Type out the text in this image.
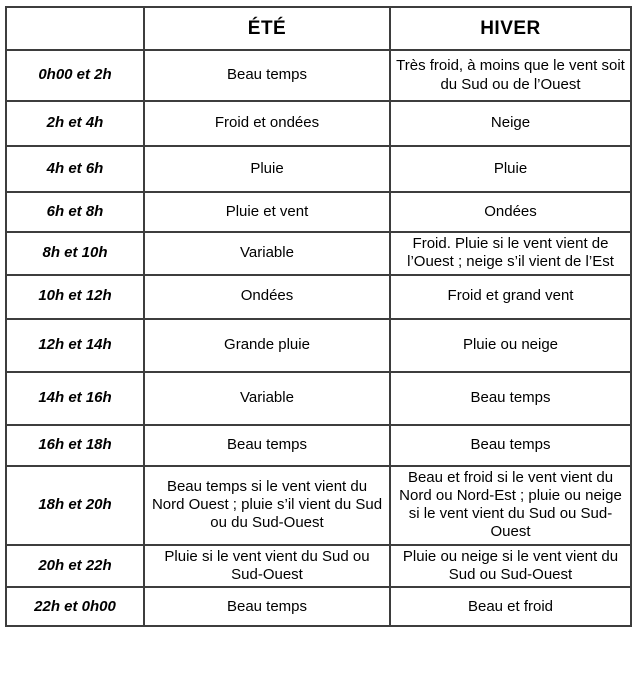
	ÉTÉ	HIVER
0h00 et 2h	Beau temps	Très froid, à moins que le vent soit du Sud ou de l’Ouest
2h et 4h	Froid et ondées	Neige
4h et 6h	Pluie	Pluie
6h et 8h	Pluie et vent	Ondées
8h et 10h	Variable	Froid. Pluie si le vent vient de l’Ouest ; neige s’il vient de l’Est
10h et 12h	Ondées	Froid et grand vent
12h et 14h	Grande pluie	Pluie ou neige
14h et 16h	Variable	Beau temps
16h et 18h	Beau temps	Beau temps
18h et 20h	Beau temps si le vent vient du Nord Ouest ; pluie s’il vient du Sud ou du Sud-Ouest	Beau et froid si le vent vient du Nord ou Nord-Est ; pluie ou neige si le vent vient du Sud ou Sud-Ouest
20h et 22h	Pluie si le vent vient du Sud ou Sud-Ouest	Pluie ou neige si le vent vient du Sud ou Sud-Ouest
22h et 0h00	Beau temps	Beau et froid
